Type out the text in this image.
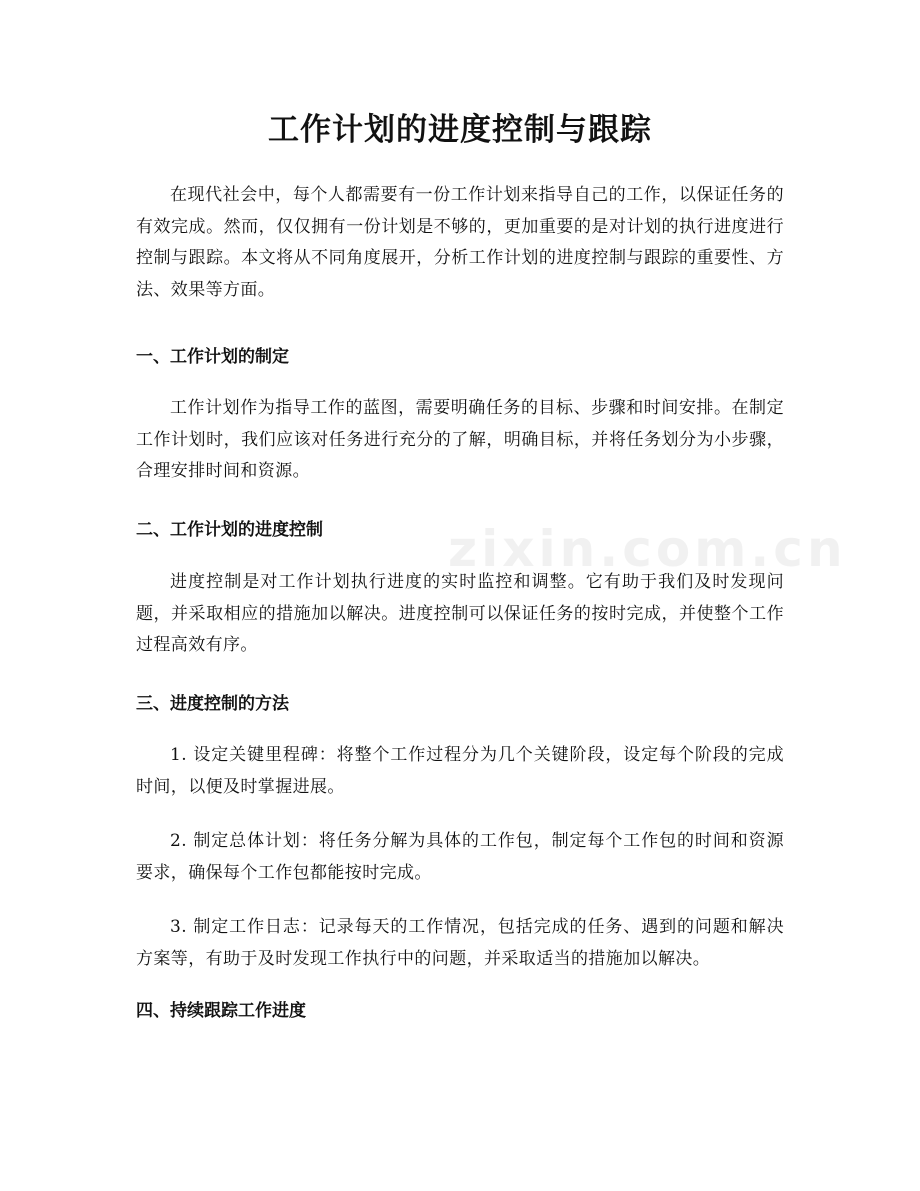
工作计划的进度控制与跟踪

在现代社会中，每个人都需要有一份工作计划来指导自己的工作，以保证任务的有效完成。然而，仅仅拥有一份计划是不够的，更加重要的是对计划的执行进度进行控制与跟踪。本文将从不同角度展开，分析工作计划的进度控制与跟踪的重要性、方法、效果等方面。

一、工作计划的制定

工作计划作为指导工作的蓝图，需要明确任务的目标、步骤和时间安排。在制定工作计划时，我们应该对任务进行充分的了解，明确目标，并将任务划分为小步骤，合理安排时间和资源。

二、工作计划的进度控制

进度控制是对工作计划执行进度的实时监控和调整。它有助于我们及时发现问题，并采取相应的措施加以解决。进度控制可以保证任务的按时完成，并使整个工作过程高效有序。

三、进度控制的方法

1. 设定关键里程碑：将整个工作过程分为几个关键阶段，设定每个阶段的完成时间，以便及时掌握进展。

2. 制定总体计划：将任务分解为具体的工作包，制定每个工作包的时间和资源要求，确保每个工作包都能按时完成。

3. 制定工作日志：记录每天的工作情况，包括完成的任务、遇到的问题和解决方案等，有助于及时发现工作执行中的问题，并采取适当的措施加以解决。

四、持续跟踪工作进度
zixin.com.cn
